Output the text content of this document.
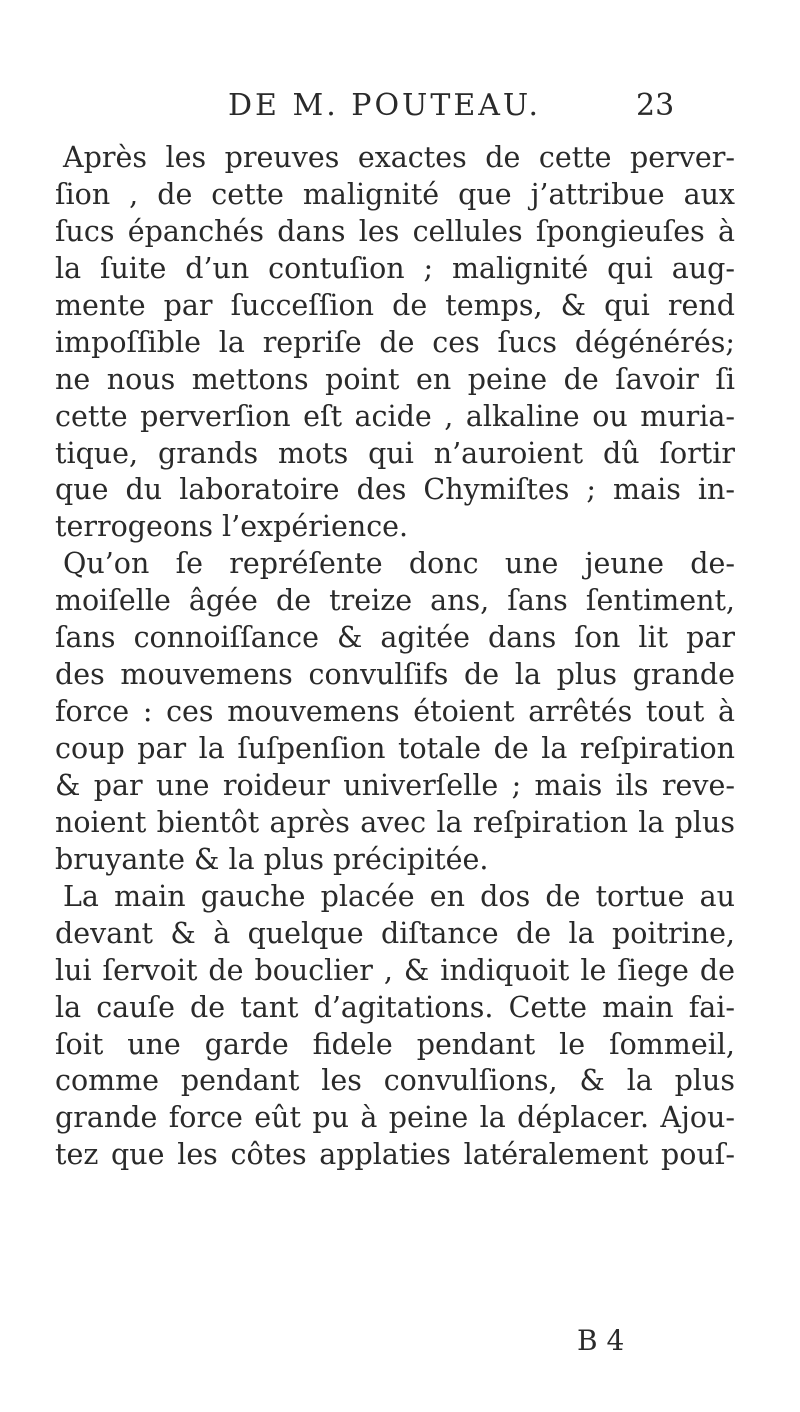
DE M. POUTEAU.	23
Après les preuves exactes de cette perver-
ſion , de cette malignité que j’attribue aux
ſucs épanchés dans les cellules ſpongieuſes à
la ſuite d’un contuſion ; malignité qui aug-
mente par ſucceſſion de temps, & qui rend
impoſſible la repriſe de ces ſucs dégénérés;
ne nous mettons point en peine de ſavoir ſi
cette perverſion eſt acide , alkaline ou muria-
tique, grands mots qui n’auroient dû ſortir
que du laboratoire des Chymiſtes ; mais in-
terrogeons l’expérience.
Qu’on ſe repréſente donc une jeune de-
moiſelle âgée de treize ans, ſans ſentiment,
ſans connoiſſance & agitée dans ſon lit par
des mouvemens convulſifs de la plus grande
force : ces mouvemens étoient arrêtés tout à
coup par la ſuſpenſion totale de la reſpiration
& par une roideur univerſelle ; mais ils reve-
noient bientôt après avec la reſpiration la plus
bruyante & la plus précipitée.
La main gauche placée en dos de tortue au
devant & à quelque diſtance de la poitrine,
lui ſervoit de bouclier , & indiquoit le ſiege de
la cauſe de tant d’agitations. Cette main fai-
ſoit une garde fidele pendant le ſommeil,
comme pendant les convulſions, & la plus
grande force eût pu à peine la déplacer. Ajou-
tez que les côtes applaties latéralement pouſ-
B 4
